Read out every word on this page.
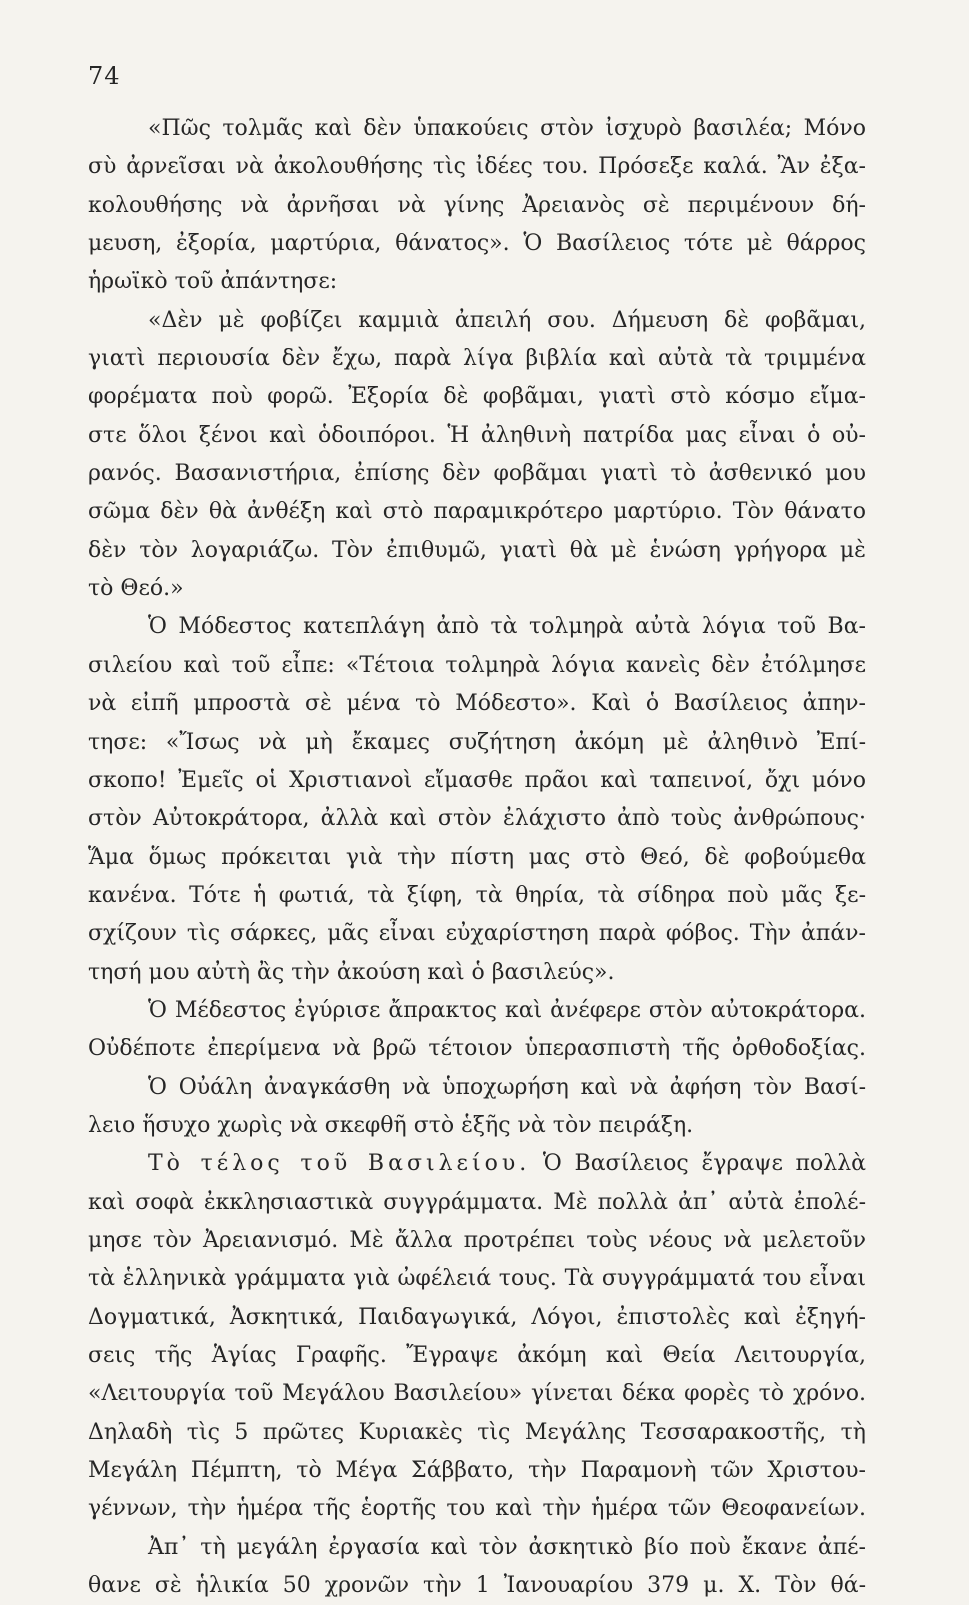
74
«Πῶς τολμᾶς καὶ δὲν ὑπακούεις στὸν ἰσχυρὸ βασιλέα; Μόνο
σὺ ἀρνεῖσαι νὰ ἀκολουθήσης τὶς ἰδέες του. Πρόσεξε καλά. Ἂν ἐξα-
κολουθήσης νὰ ἀρνῆσαι νὰ γίνης Ἀρειανὸς σὲ περιμένουν δή-
μευση, ἐξορία, μαρτύρια, θάνατος». Ὁ Βασίλειος τότε μὲ θάρρος
ἡρωϊκὸ τοῦ ἀπάντησε:
«Δὲν μὲ φοβίζει καμμιὰ ἀπειλή σου. Δήμευση δὲ φοβᾶμαι,
γιατὶ περιουσία δὲν ἔχω, παρὰ λίγα βιβλία καὶ αὐτὰ τὰ τριμμένα
φορέματα ποὺ φορῶ. Ἐξορία δὲ φοβᾶμαι, γιατὶ στὸ κόσμο εἴμα-
στε ὅλοι ξένοι καὶ ὁδοιπόροι. Ἡ ἀληθινὴ πατρίδα μας εἶναι ὁ οὐ-
ρανός. Βασανιστήρια, ἐπίσης δὲν φοβᾶμαι γιατὶ τὸ ἀσθενικό μου
σῶμα δὲν θὰ ἀνθέξη καὶ στὸ παραμικρότερο μαρτύριο. Τὸν θάνατο
δὲν τὸν λογαριάζω. Τὸν ἐπιθυμῶ, γιατὶ θὰ μὲ ἑνώση γρήγορα μὲ
τὸ Θεό.»
Ὁ Μόδεστος κατεπλάγη ἀπὸ τὰ τολμηρὰ αὐτὰ λόγια τοῦ Βα-
σιλείου καὶ τοῦ εἶπε: «Τέτοια τολμηρὰ λόγια κανεὶς δὲν ἐτόλμησε
νὰ εἰπῆ μπροστὰ σὲ μένα τὸ Μόδεστο». Καὶ ὁ Βασίλειος ἀπην-
τησε: «Ἴσως νὰ μὴ ἔκαμες συζήτηση ἀκόμη μὲ ἀληθινὸ Ἐπί-
σκοπο! Ἐμεῖς οἱ Χριστιανοὶ εἴμασθε πρᾶοι καὶ ταπεινοί, ὄχι μόνο
στὸν Αὐτοκράτορα, ἀλλὰ καὶ στὸν ἐλάχιστο ἀπὸ τοὺς ἀνθρώπους·
Ἅμα ὅμως πρόκειται γιὰ τὴν πίστη μας στὸ Θεό, δὲ φοβούμεθα
κανένα. Τότε ἡ φωτιά, τὰ ξίφη, τὰ θηρία, τὰ σίδηρα ποὺ μᾶς ξε-
σχίζουν τὶς σάρκες, μᾶς εἶναι εὐχαρίστηση παρὰ φόβος. Τὴν ἀπάν-
τησή μου αὐτὴ ἂς τὴν ἀκούση καὶ ὁ βασιλεύς».
Ὁ Μέδεστος ἐγύρισε ἄπρακτος καὶ ἀνέφερε στὸν αὐτοκράτορα.
Οὐδέποτε ἐπερίμενα νὰ βρῶ τέτοιον ὑπερασπιστὴ τῆς ὀρθοδοξίας.
Ὁ Οὐάλη ἀναγκάσθη νὰ ὑποχωρήση καὶ νὰ ἀφήση τὸν Βασί-
λειο ἥσυχο χωρὶς νὰ σκεφθῆ στὸ ἑξῆς νὰ τὸν πειράξη.
Τὸ τέλος τοῦ Βασιλείου. Ὁ Βασίλειος ἔγραψε πολλὰ
καὶ σοφὰ ἐκκλησιαστικὰ συγγράμματα. Μὲ πολλὰ ἀπ᾽ αὐτὰ ἐπολέ-
μησε τὸν Ἀρειανισμό. Μὲ ἄλλα προτρέπει τοὺς νέους νὰ μελετοῦν
τὰ ἑλληνικὰ γράμματα γιὰ ὠφέλειά τους. Τὰ συγγράμματά του εἶναι
Δογματικά, Ἀσκητικά, Παιδαγωγικά, Λόγοι, ἐπιστολὲς καὶ ἐξηγή-
σεις τῆς Ἁγίας Γραφῆς. Ἔγραψε ἀκόμη καὶ Θεία Λειτουργία,
«Λειτουργία τοῦ Μεγάλου Βασιλείου» γίνεται δέκα φορὲς τὸ χρόνο.
Δηλαδὴ τὶς 5 πρῶτες Κυριακὲς τὶς Μεγάλης Τεσσαρακοστῆς, τὴ
Μεγάλη Πέμπτη, τὸ Μέγα Σάββατο, τὴν Παραμονὴ τῶν Χριστου-
γέννων, τὴν ἡμέρα τῆς ἑορτῆς του καὶ τὴν ἡμέρα τῶν Θεοφανείων.
Ἀπ᾽ τὴ μεγάλη ἐργασία καὶ τὸν ἀσκητικὸ βίο ποὺ ἔκανε ἀπέ-
θανε σὲ ἡλικία 50 χρονῶν τὴν 1 Ἰανουαρίου 379 μ. Χ. Τὸν θά-
